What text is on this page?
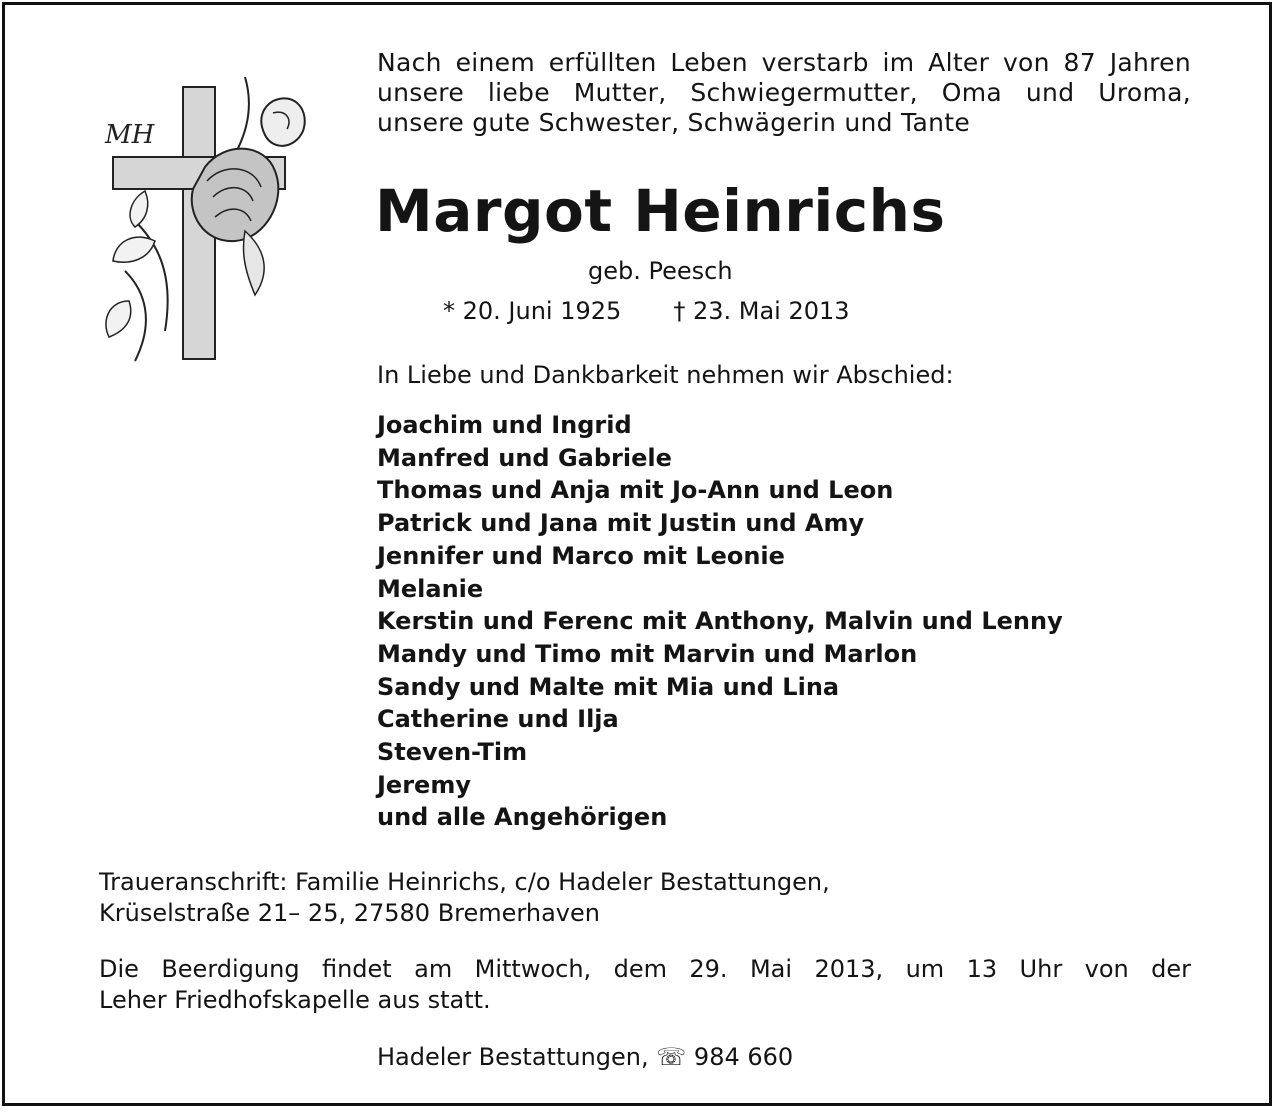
MH
Nach einem erfüllten Leben verstarb im Alter von 87 Jahren
unsere liebe Mutter, Schwiegermutter, Oma und Uroma,
unsere gute Schwester, Schwägerin und Tante
Margot Heinrichs
geb. Peesch
* 20. Juni 1925 † 23. Mai 2013
In Liebe und Dankbarkeit nehmen wir Abschied:
Joachim und Ingrid
Manfred und Gabriele
Thomas und Anja mit Jo-Ann und Leon
Patrick und Jana mit Justin und Amy
Jennifer und Marco mit Leonie
Melanie
Kerstin und Ferenc mit Anthony, Malvin und Lenny
Mandy und Timo mit Marvin und Marlon
Sandy und Malte mit Mia und Lina
Catherine und Ilja
Steven-Tim
Jeremy
und alle Angehörigen
Traueranschrift: Familie Heinrichs, c/o Hadeler Bestattungen,
Krüselstraße 21– 25, 27580 Bremerhaven
Die Beerdigung findet am Mittwoch, dem 29. Mai 2013, um 13 Uhr von der
Leher Friedhofskapelle aus statt.
Hadeler Bestattungen, ☏ 984 660
